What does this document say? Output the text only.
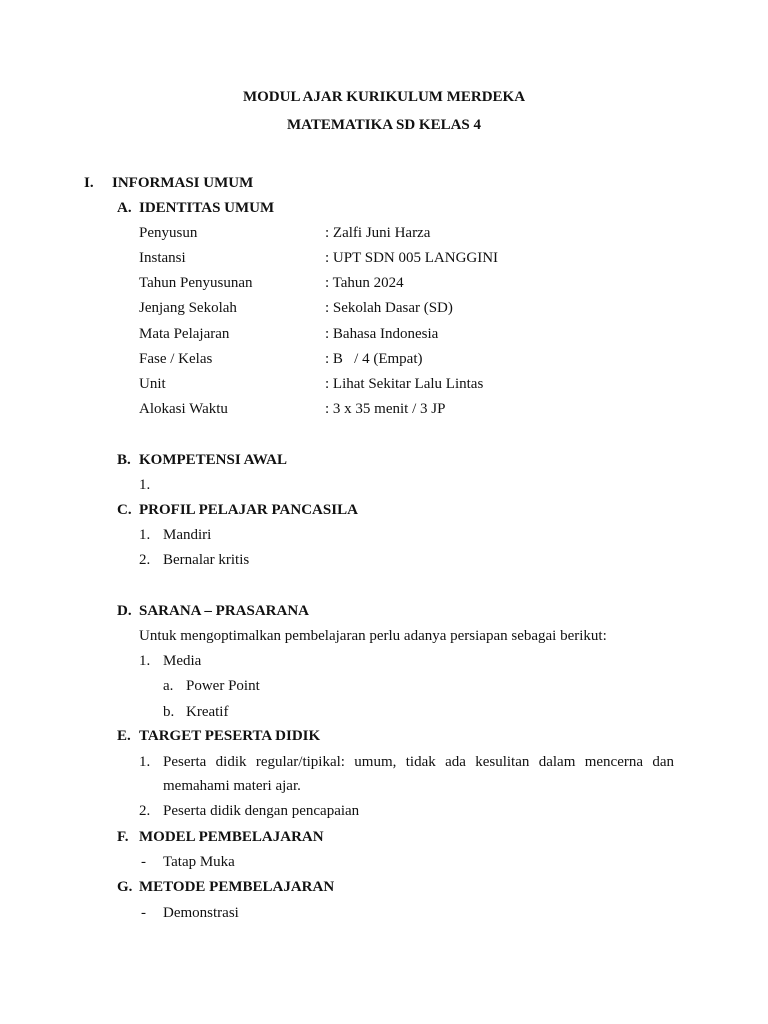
MODUL AJAR KURIKULUM MERDEKA
MATEMATIKA SD KELAS 4
I. INFORMASI UMUM
A. IDENTITAS UMUM
Penyusun	: Zalfi Juni Harza
Instansi	: UPT SDN 005 LANGGINI
Tahun Penyusunan	: Tahun 2024
Jenjang Sekolah	: Sekolah Dasar (SD)
Mata Pelajaran	: Bahasa Indonesia
Fase / Kelas	: B   / 4 (Empat)
Unit	: Lihat Sekitar Lalu Lintas
Alokasi Waktu	: 3 x 35 menit / 3 JP
B. KOMPETENSI AWAL
1.
C. PROFIL PELAJAR PANCASILA
1. Mandiri
2. Bernalar kritis
D. SARANA – PRASARANA
Untuk mengoptimalkan pembelajaran perlu adanya persiapan sebagai berikut:
1. Media
a. Power Point
b. Kreatif
E. TARGET PESERTA DIDIK
1. Peserta didik regular/tipikal: umum, tidak ada kesulitan dalam mencerna dan
memahami materi ajar.
2. Peserta didik dengan pencapaian
F. MODEL PEMBELAJARAN
- Tatap Muka
G. METODE PEMBELAJARAN
- Demonstrasi
